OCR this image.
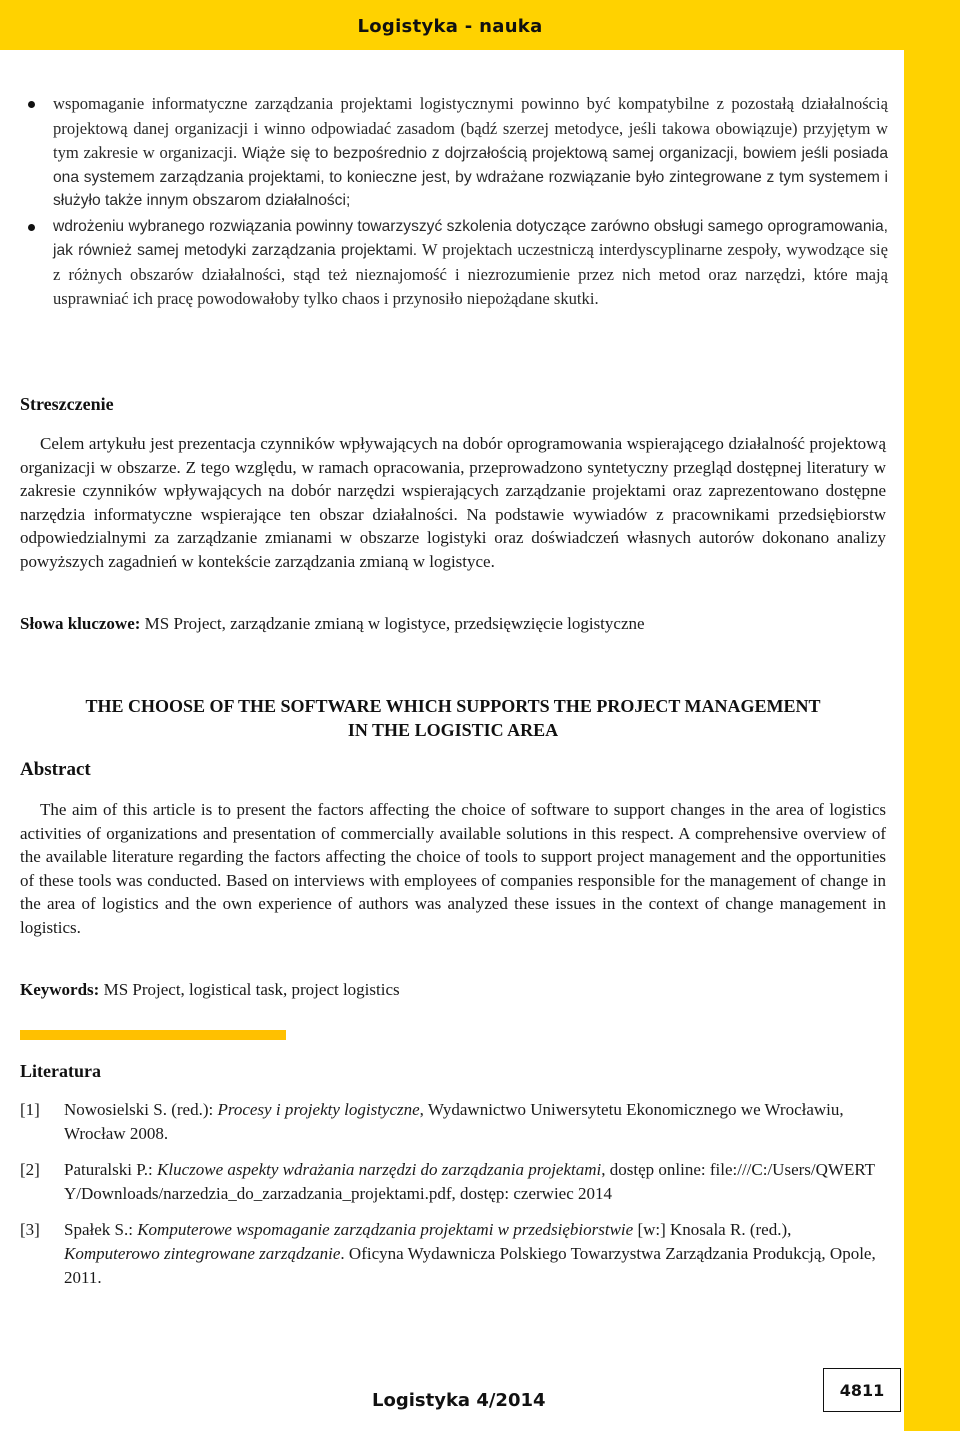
Logistyka - nauka
wspomaganie informatyczne zarządzania projektami logistycznymi powinno być kompatybilne z pozostałą działalnością projektową danej organizacji i winno odpowiadać zasadom (bądź szerzej metodyce, jeśli takowa obowiązuje) przyjętym w tym zakresie w organizacji. Wiąże się to bezpośrednio z dojrzałością projektową samej organizacji, bowiem jeśli posiada ona systemem zarządzania projektami, to konieczne jest, by wdrażane rozwiązanie było zintegrowane z tym systemem i służyło także innym obszarom działalności;
wdrożeniu wybranego rozwiązania powinny towarzyszyć szkolenia dotyczące zarówno obsługi samego oprogramowania, jak również samej metodyki zarządzania projektami. W projektach uczestniczą interdyscyplinarne zespoły, wywodzące się z różnych obszarów działalności, stąd też nieznajomość i niezrozumienie przez nich metod oraz narzędzi, które mają usprawniać ich pracę powodowałoby tylko chaos i przynosiło niepożądane skutki.
Streszczenie
Celem artykułu jest prezentacja czynników wpływających na dobór oprogramowania wspierającego działalność projektową organizacji w obszarze. Z tego względu, w ramach opracowania, przeprowadzono syntetyczny przegląd dostępnej literatury w zakresie czynników wpływających na dobór narzędzi wspierających zarządzanie projektami oraz zaprezentowano dostępne narzędzia informatyczne wspierające ten obszar działalności. Na podstawie wywiadów z pracownikami przedsiębiorstw odpowiedzialnymi za zarządzanie zmianami w obszarze logistyki oraz doświadczeń własnych autorów dokonano analizy powyższych zagadnień w kontekście zarządzania zmianą w logistyce.
Słowa kluczowe: MS Project, zarządzanie zmianą w logistyce, przedsięwzięcie logistyczne
THE CHOOSE OF THE SOFTWARE WHICH SUPPORTS THE PROJECT MANAGEMENT
IN THE LOGISTIC AREA
Abstract
The aim of this article is to present the factors affecting the choice of software to support changes in the area of logistics activities of organizations and presentation of commercially available solutions in this respect. A comprehensive overview of the available literature regarding the factors affecting the choice of tools to support project management and the opportunities of these tools was conducted. Based on interviews with employees of companies responsible for the management of change in the area of logistics and the own experience of authors was analyzed these issues in the context of change management in logistics.
Keywords: MS Project, logistical task, project logistics
Literatura
[1] Nowosielski S. (red.): Procesy i projekty logistyczne, Wydawnictwo Uniwersytetu Ekonomicznego we Wrocławiu, Wrocław 2008.
[2] Paturalski P.: Kluczowe aspekty wdrażania narzędzi do zarządzania projektami, dostęp online: file:///C:/Users/QWERTY/Downloads/narzedzia_do_zarzadzania_projektami.pdf, dostęp: czerwiec 2014
[3] Spałek S.: Komputerowe wspomaganie zarządzania projektami w przedsiębiorstwie [w:] Knosala R. (red.), Komputerowo zintegrowane zarządzanie. Oficyna Wydawnicza Polskiego Towarzystwa Zarządzania Produkcją, Opole, 2011.
Logistyka 4/2014	4811
